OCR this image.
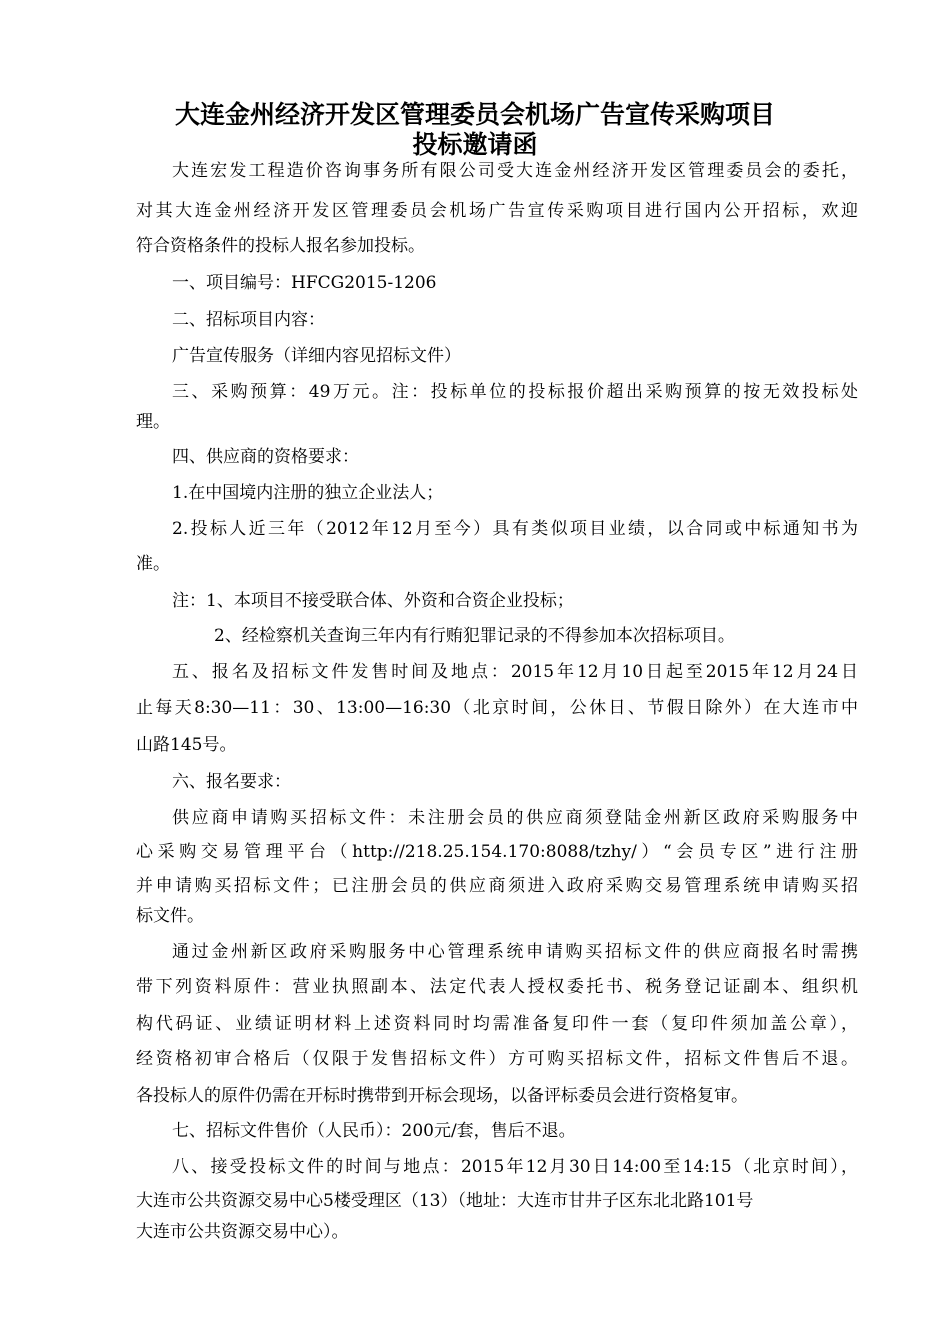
大连金州经济开发区管理委员会机场广告宣传采购项目
投标邀请函
大连宏发工程造价咨询事务所有限公司受大连金州经济开发区管理委员会的委托，
对其大连金州经济开发区管理委员会机场广告宣传采购项目进行国内公开招标，欢迎
符合资格条件的投标人报名参加投标。
一、项目编号：HFCG2015-1206
二、招标项目内容：
广告宣传服务（详细内容见招标文件）
三、采购预算：49万元。注：投标单位的投标报价超出采购预算的按无效投标处
理。
四、供应商的资格要求：
1.在中国境内注册的独立企业法人；
2.投标人近三年（2012年12月至今）具有类似项目业绩，以合同或中标通知书为
准。
注：1、本项目不接受联合体、外资和合资企业投标；
2、经检察机关查询三年内有行贿犯罪记录的不得参加本次招标项目。
五、报名及招标文件发售时间及地点：2015年12月10日起至2015年12月24日
止每天8:30—11：30、13:00—16:30（北京时间，公休日、节假日除外）在大连市中
山路145号。
六、报名要求：
供应商申请购买招标文件：未注册会员的供应商须登陆金州新区政府采购服务中
心采购交易管理平台（http://218.25.154.170:8088/tzhy/）“会员专区”进行注册
并申请购买招标文件；已注册会员的供应商须进入政府采购交易管理系统申请购买招
标文件。
通过金州新区政府采购服务中心管理系统申请购买招标文件的供应商报名时需携
带下列资料原件：营业执照副本、法定代表人授权委托书、税务登记证副本、组织机
构代码证、业绩证明材料上述资料同时均需准备复印件一套（复印件须加盖公章），
经资格初审合格后（仅限于发售招标文件）方可购买招标文件，招标文件售后不退。
各投标人的原件仍需在开标时携带到开标会现场，以备评标委员会进行资格复审。
七、招标文件售价（人民币）：200元/套，售后不退。
八、接受投标文件的时间与地点：2015年12月30日14:00至14:15（北京时间），
大连市公共资源交易中心5楼受理区（13）（地址：大连市甘井子区东北北路101号
大连市公共资源交易中心）。
